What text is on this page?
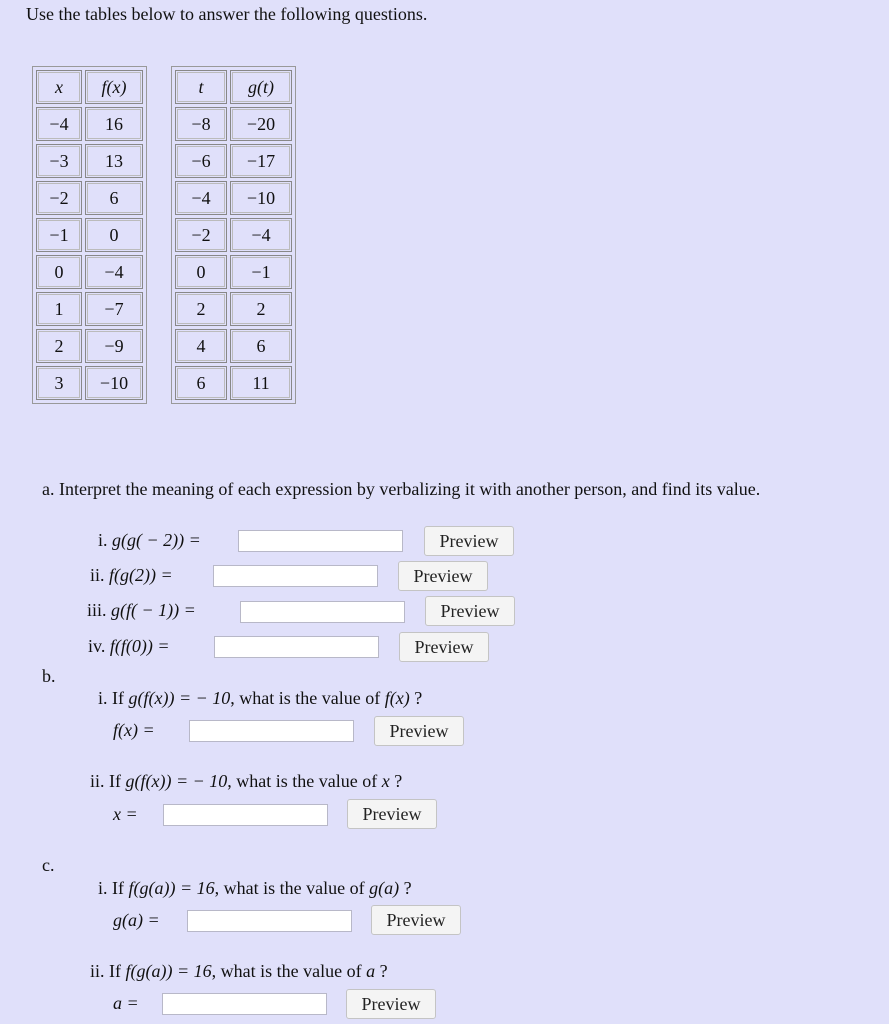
Use the tables below to answer the following questions.
x	f(x)
−4	16
−3	13
−2	6
−1	0
0	−4
1	−7
2	−9
3	−10
t	g(t)
−8	−20
−6	−17
−4	−10
−2	−4
0	−1
2	2
4	6
6	11
a. Interpret the meaning of each expression by verbalizing it with another person, and find its value.
i. g(g( − 2)) =	Preview
ii. f(g(2)) =	Preview
iii. g(f( − 1)) =	Preview
iv. f(f(0)) =	Preview
b.
i. If g(f(x)) = − 10, what is the value of f(x) ?
f(x) =	Preview
ii. If g(f(x)) = − 10, what is the value of x ?
x =	Preview
c.
i. If f(g(a)) = 16, what is the value of g(a) ?
g(a) =	Preview
ii. If f(g(a)) = 16, what is the value of a ?
a =	Preview
